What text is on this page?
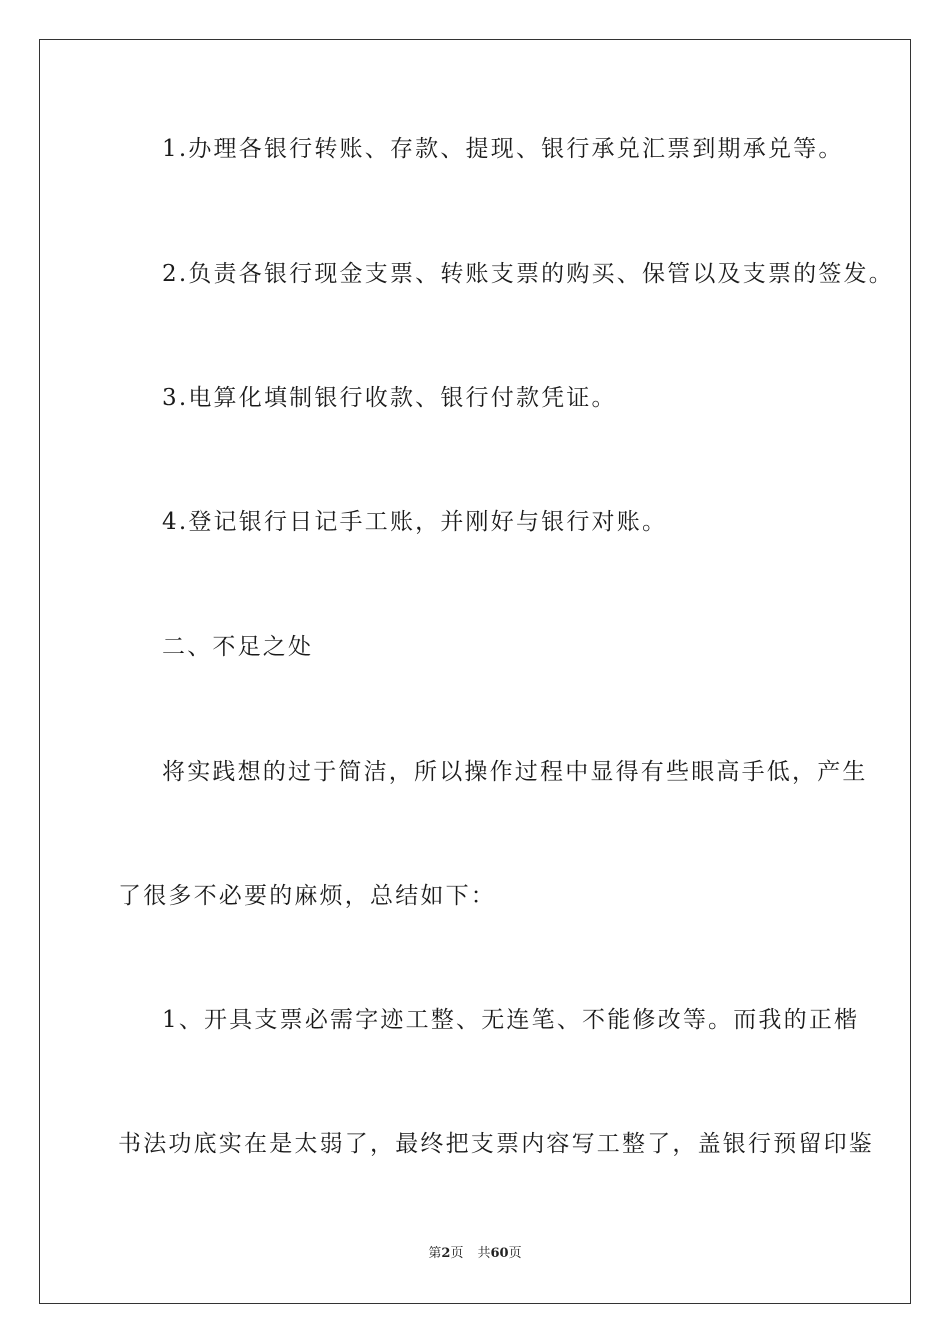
1.办理各银行转账、存款、提现、银行承兑汇票到期承兑等。

2.负责各银行现金支票、转账支票的购买、保管以及支票的签发。

3.电算化填制银行收款、银行付款凭证。

4.登记银行日记手工账，并刚好与银行对账。

二、不足之处

将实践想的过于简洁，所以操作过程中显得有些眼高手低，产生

了很多不必要的麻烦，总结如下：

1、开具支票必需字迹工整、无连笔、不能修改等。而我的正楷

书法功底实在是太弱了，最终把支票内容写工整了，盖银行预留印鉴

第2页 共60页
